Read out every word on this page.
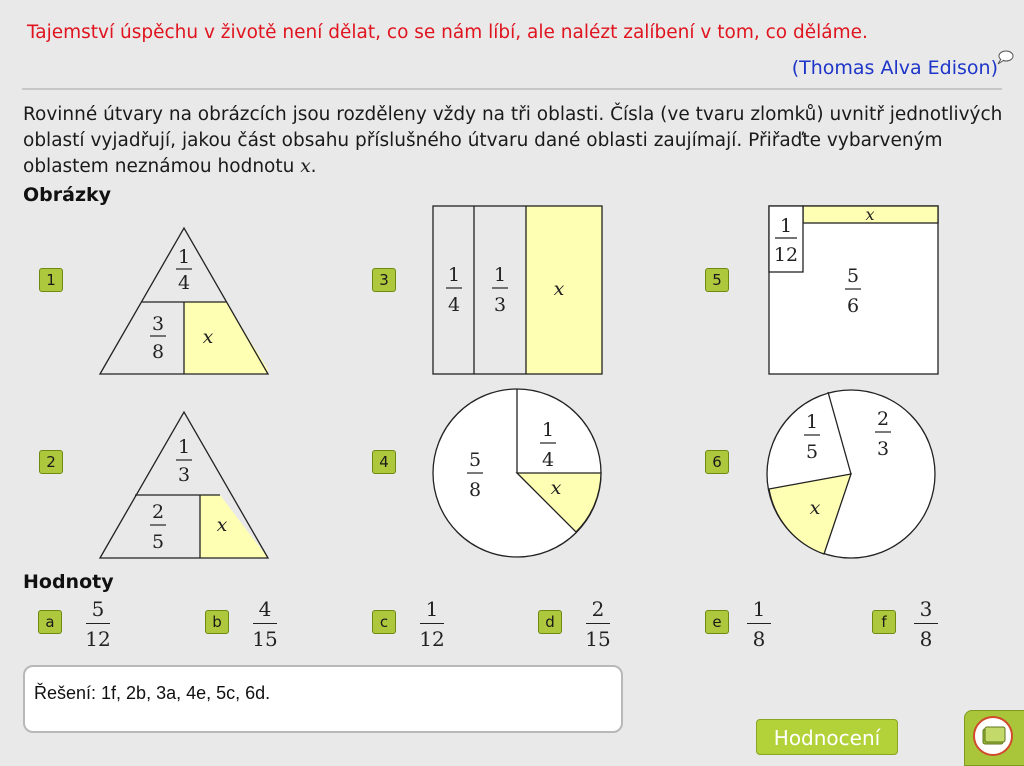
Tajemství úspěchu v životě není dělat, co se nám líbí, ale nalézt zalíbení v tom, co děláme.
(Thomas Alva Edison)
Rovinné útvary na obrázcích jsou rozděleny vždy na tři oblasti. Čísla (ve tvaru zlomků) uvnitř jednotlivých oblastí vyjadřují, jakou část obsahu příslušného útvaru dané oblasti zaujímají. Přiřaďte vybarveným oblastem neznámou hodnotu x.
Obrázky
1
2
3
4
5
6
1
4
3
8
x
1
3
2
5
x
1
4
1
3
x
1
4
5
8	x
1
12
x
5
6
1
5
2
3
x
Hodnoty
a
5
12
b
4
15
c
1
12
d
2
15
e
1
8
f
3
8
Řešení: 1f, 2b, 3a, 4e, 5c, 6d.
Hodnocení
